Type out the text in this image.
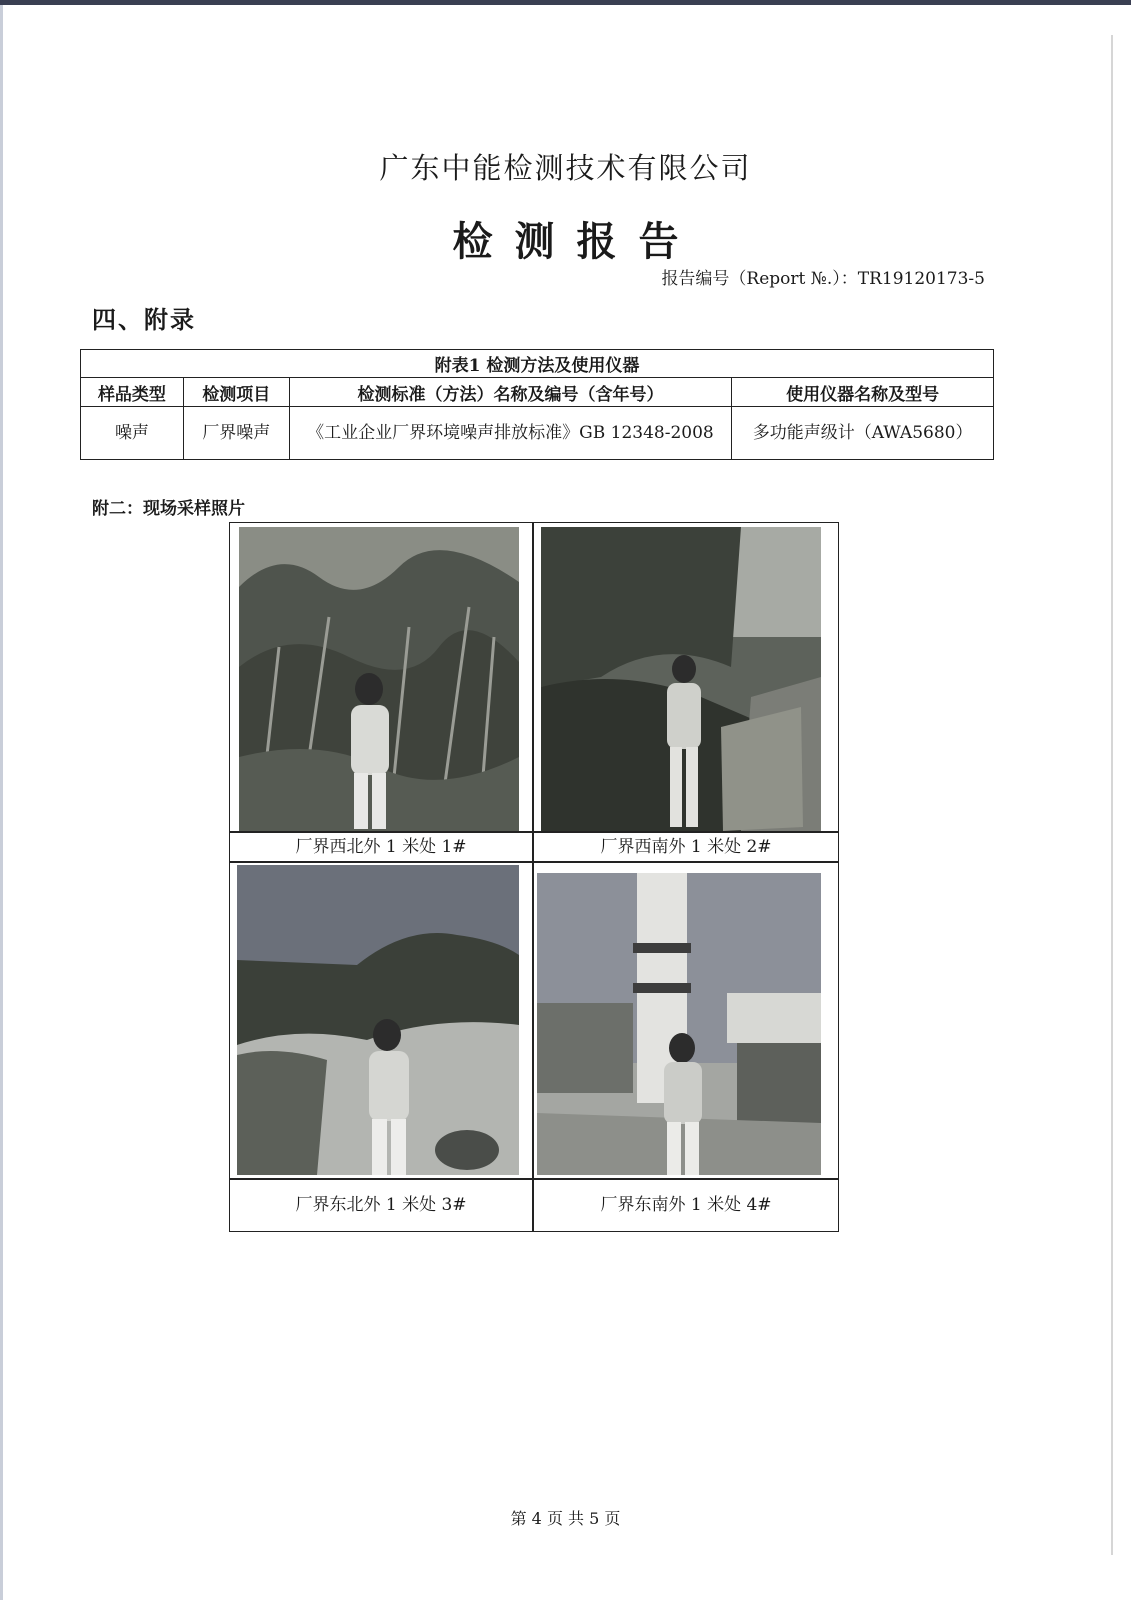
广东中能检测技术有限公司
检测报告
报告编号（Report №.）：TR19120173-5
四、附录
附表1 检测方法及使用仪器			
样品类型	检测项目	检测标准（方法）名称及编号（含年号）	使用仪器名称及型号
噪声	厂界噪声	《工业企业厂界环境噪声排放标准》GB 12348-2008	多功能声级计（AWA5680）
附二：现场采样照片
厂界西北外 1 米处 1#	厂界西南外 1 米处 2#
厂界东北外 1 米处 3#	厂界东南外 1 米处 4#
第 4 页 共 5 页
